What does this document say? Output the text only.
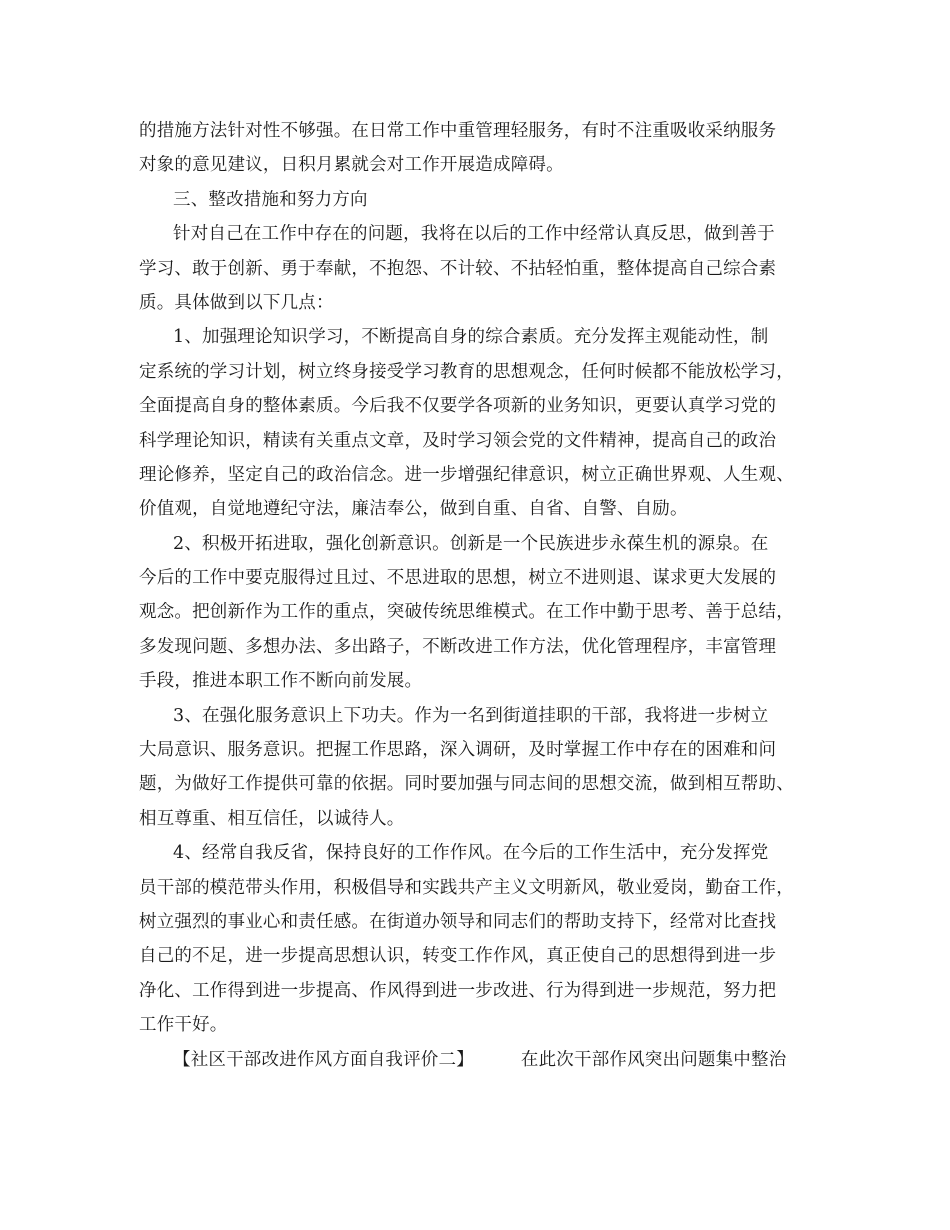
的措施方法针对性不够强。在日常工作中重管理轻服务，有时不注重吸收采纳服务
对象的意见建议，日积月累就会对工作开展造成障碍。
三、整改措施和努力方向
针对自己在工作中存在的问题，我将在以后的工作中经常认真反思，做到善于
学习、敢于创新、勇于奉献，不抱怨、不计较、不拈轻怕重，整体提高自己综合素
质。具体做到以下几点：
1、加强理论知识学习，不断提高自身的综合素质。充分发挥主观能动性，制
定系统的学习计划，树立终身接受学习教育的思想观念，任何时候都不能放松学习，
全面提高自身的整体素质。今后我不仅要学各项新的业务知识，更要认真学习党的
科学理论知识，精读有关重点文章，及时学习领会党的文件精神，提高自己的政治
理论修养，坚定自己的政治信念。进一步增强纪律意识，树立正确世界观、人生观、
价值观，自觉地遵纪守法，廉洁奉公，做到自重、自省、自警、自励。
2、积极开拓进取，强化创新意识。创新是一个民族进步永葆生机的源泉。在
今后的工作中要克服得过且过、不思进取的思想，树立不进则退、谋求更大发展的
观念。把创新作为工作的重点，突破传统思维模式。在工作中勤于思考、善于总结，
多发现问题、多想办法、多出路子，不断改进工作方法，优化管理程序，丰富管理
手段，推进本职工作不断向前发展。
3、在强化服务意识上下功夫。作为一名到街道挂职的干部，我将进一步树立
大局意识、服务意识。把握工作思路，深入调研，及时掌握工作中存在的困难和问
题，为做好工作提供可靠的依据。同时要加强与同志间的思想交流，做到相互帮助、
相互尊重、相互信任，以诚待人。
4、经常自我反省，保持良好的工作作风。在今后的工作生活中，充分发挥党
员干部的模范带头作用，积极倡导和实践共产主义文明新风，敬业爱岗，勤奋工作，
树立强烈的事业心和责任感。在街道办领导和同志们的帮助支持下，经常对比查找
自己的不足，进一步提高思想认识，转变工作作风，真正使自己的思想得到进一步
净化、工作得到进一步提高、作风得到进一步改进、行为得到进一步规范，努力把
工作干好。
【社区干部改进作风方面自我评价二】	在此次干部作风突出问题集中整治
